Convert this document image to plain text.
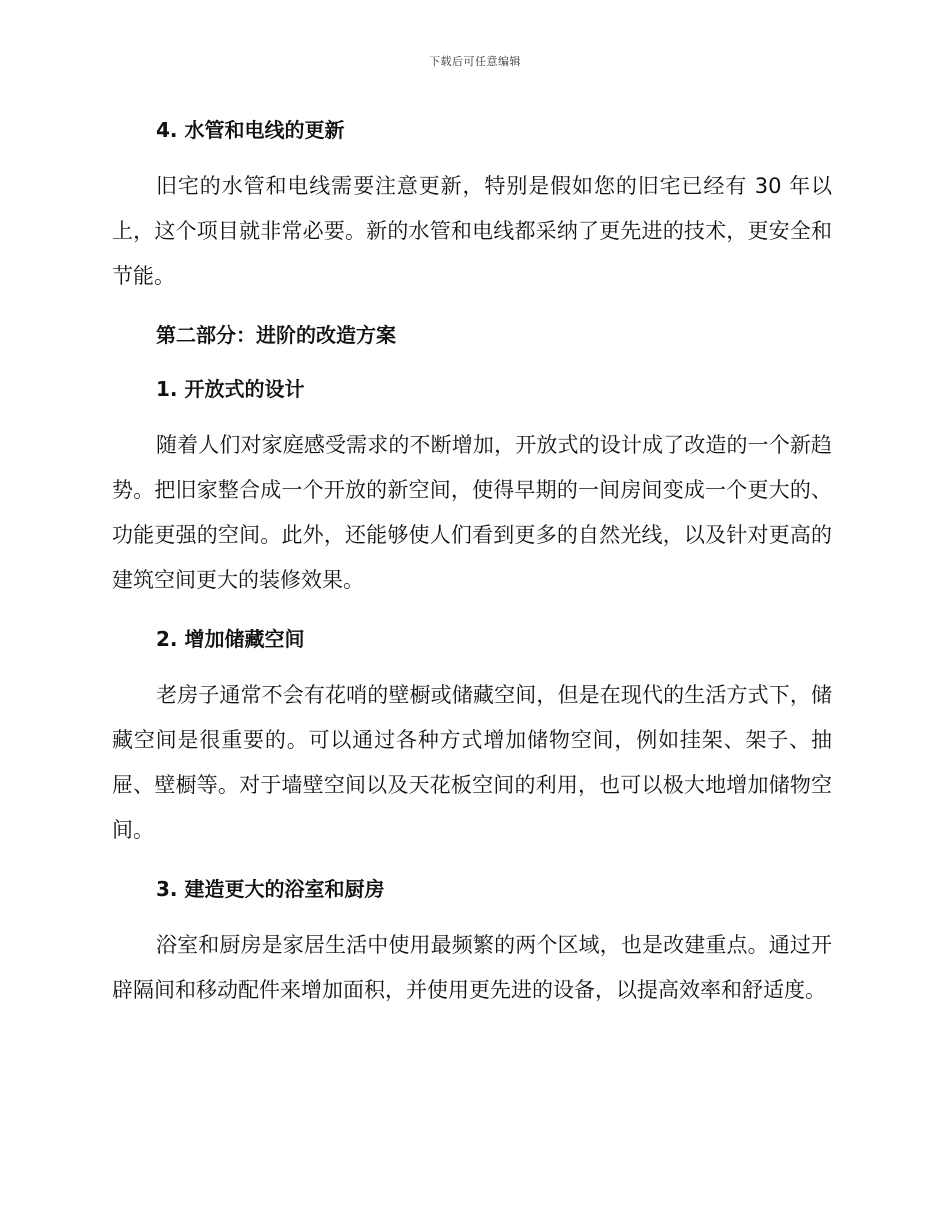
下载后可任意编辑
4. 水管和电线的更新

旧宅的水管和电线需要注意更新，特别是假如您的旧宅已经有 30 年以上，这个项目就非常必要。新的水管和电线都采纳了更先进的技术，更安全和节能。

第二部分：进阶的改造方案
1. 开放式的设计

随着人们对家庭感受需求的不断增加，开放式的设计成了改造的一个新趋势。把旧家整合成一个开放的新空间，使得早期的一间房间变成一个更大的、功能更强的空间。此外，还能够使人们看到更多的自然光线，以及针对更高的建筑空间更大的装修效果。

2. 增加储藏空间

老房子通常不会有花哨的壁橱或储藏空间，但是在现代的生活方式下，储藏空间是很重要的。可以通过各种方式增加储物空间，例如挂架、架子、抽屉、壁橱等。对于墙壁空间以及天花板空间的利用，也可以极大地增加储物空间。

3. 建造更大的浴室和厨房

浴室和厨房是家居生活中使用最频繁的两个区域，也是改建重点。通过开辟隔间和移动配件来增加面积，并使用更先进的设备，以提高效率和舒适度。
